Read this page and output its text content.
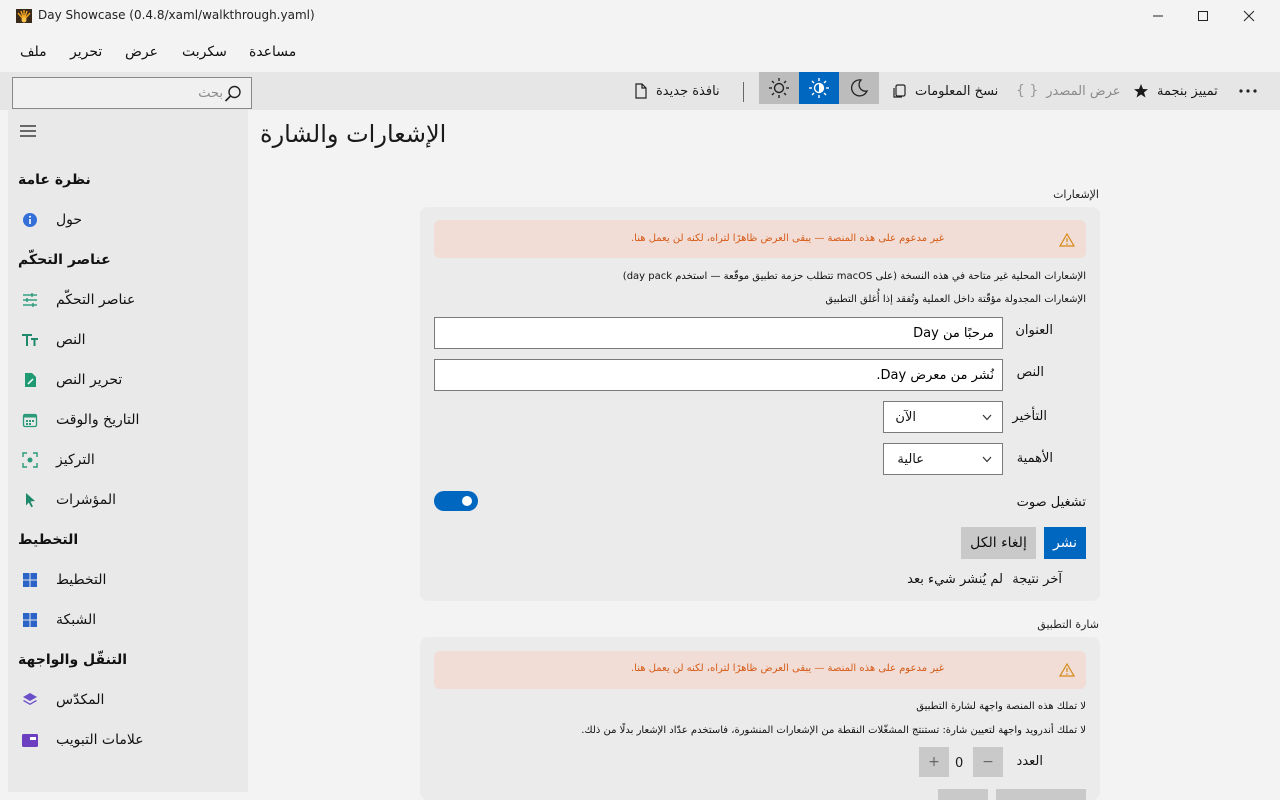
Day Showcase (0.4.8/xaml/walkthrough.yaml)
ملف تحرير عرض سكربت مساعدة
بحث
نافذة جديدة	نسخ المعلومات { } عرض المصدر	تمييز بنجمة
نظرة عامة
حول
عناصر التحكّم
عناصر التحكّم
النص
تحرير النص
التاريخ والوقت
التركيز
المؤشرات
التخطيط
التخطيط
الشبكة
التنقّل والواجهة
المكدّس
علامات التبويب
الإشعارات والشارة
الإشعارات
غير مدعوم على هذه المنصة — يبقى العرض ظاهرًا لتراه، لكنه لن يعمل هنا.
الإشعارات المحلية غير متاحة في هذه النسخة (على macOS تتطلب حزمة تطبيق موقّعة — استخدم day pack)
الإشعارات المجدولة مؤقّتة داخل العملية وتُفقد إذا أُغلق التطبيق
العنوان
مرحبًا من Day
النص
نُشر من معرض Day.
التأخير
الآن
الأهمية
عالية
تشغيل صوت
نشر
إلغاء الكل
آخر نتيجة
لم يُنشر شيء بعد
شارة التطبيق
غير مدعوم على هذه المنصة — يبقى العرض ظاهرًا لتراه، لكنه لن يعمل هنا.
لا تملك هذه المنصة واجهة لشارة التطبيق
لا تملك أندرويد واجهة لتعيين شارة: تستنتج المشغّلات النقطة من الإشعارات المنشورة، فاستخدم عدّاد الإشعار بدلًا من ذلك.
العدد
−
0
+
